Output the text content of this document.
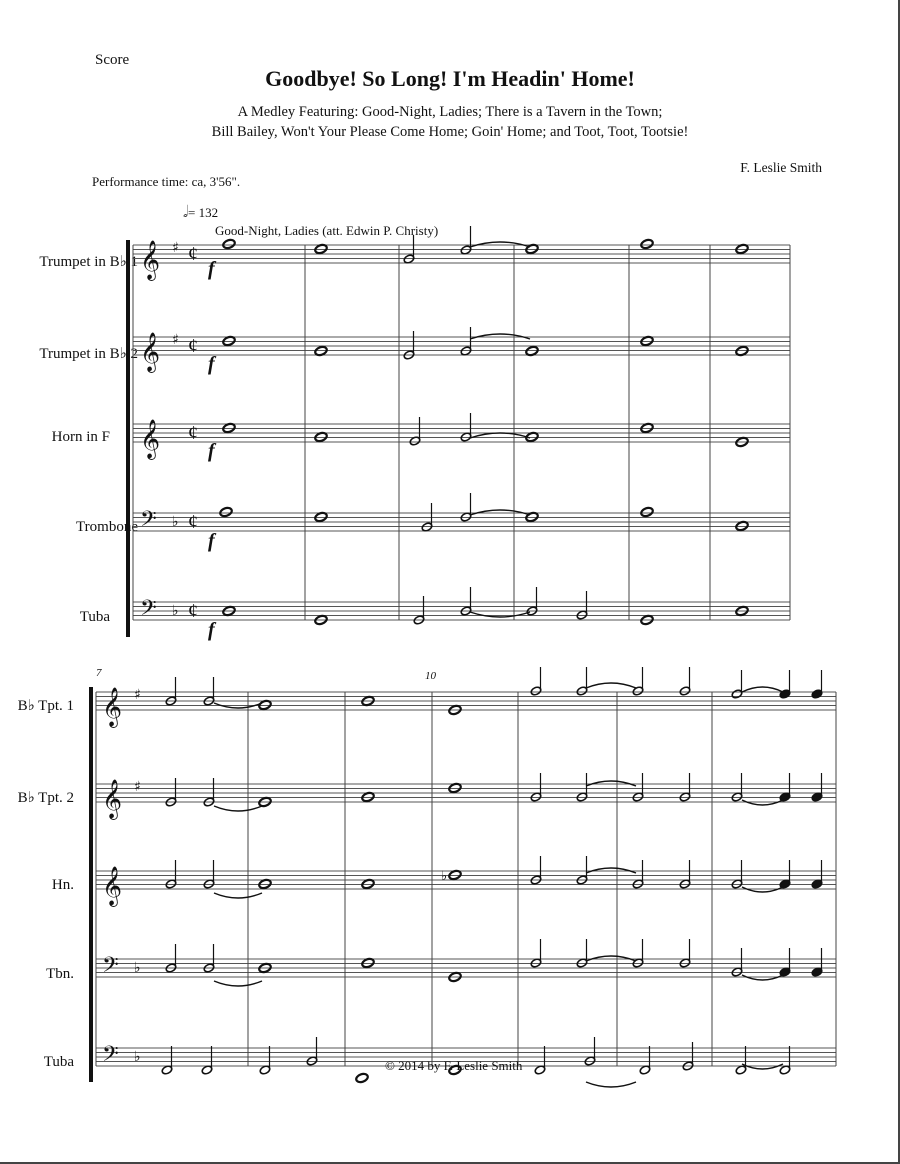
Score
Goodbye! So Long! I'm Headin' Home!
A Medley Featuring: Good-Night, Ladies; There is a Tavern in the Town;
Bill Bailey, Won't Your Please Come Home; Goin' Home; and Toot, Toot, Tootsie!
F. Leslie Smith
Performance time: ca, 3'56".
𝅗𝅥= 132
Good-Night, Ladies (att. Edwin P. Christy)
Trumpet in B♭ 1
Trumpet in B♭ 2
Horn in F
Trombone
Tuba
B♭ Tpt. 1
B♭ Tpt. 2
Hn.
Tbn.
Tuba
7	10
𝄞 ♯ ¢
𝄞 ♯ ¢
𝄞 ¢
𝄢 ♭ ¢
𝄢 ♭ ¢
f
f
f
f
f
𝄞 ♯
𝄞 ♯
𝄞
𝄢 ♭
𝄢 ♭
♭
© 2014 by F. Leslie Smith
